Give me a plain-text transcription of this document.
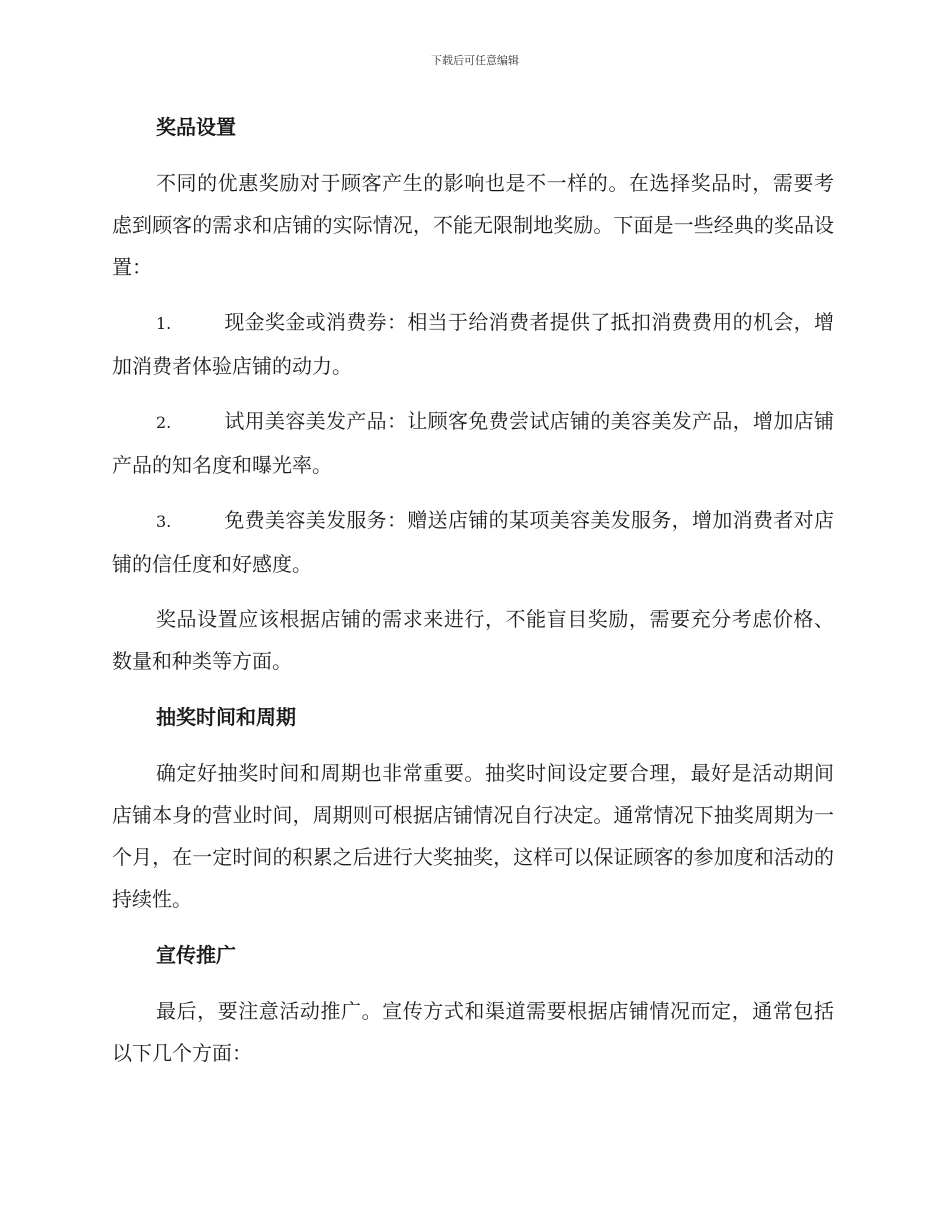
下载后可任意编辑
奖品设置

不同的优惠奖励对于顾客产生的影响也是不一样的。在选择奖品时，需要考虑到顾客的需求和店铺的实际情况，不能无限制地奖励。下面是一些经典的奖品设置：

1.	现金奖金或消费券：相当于给消费者提供了抵扣消费费用的机会，增加消费者体验店铺的动力。

2.	试用美容美发产品：让顾客免费尝试店铺的美容美发产品，增加店铺产品的知名度和曝光率。

3.	免费美容美发服务：赠送店铺的某项美容美发服务，增加消费者对店铺的信任度和好感度。

奖品设置应该根据店铺的需求来进行，不能盲目奖励，需要充分考虑价格、数量和种类等方面。

抽奖时间和周期

确定好抽奖时间和周期也非常重要。抽奖时间设定要合理，最好是活动期间店铺本身的营业时间，周期则可根据店铺情况自行决定。通常情况下抽奖周期为一个月，在一定时间的积累之后进行大奖抽奖，这样可以保证顾客的参加度和活动的持续性。

宣传推广

最后，要注意活动推广。宣传方式和渠道需要根据店铺情况而定，通常包括以下几个方面：
